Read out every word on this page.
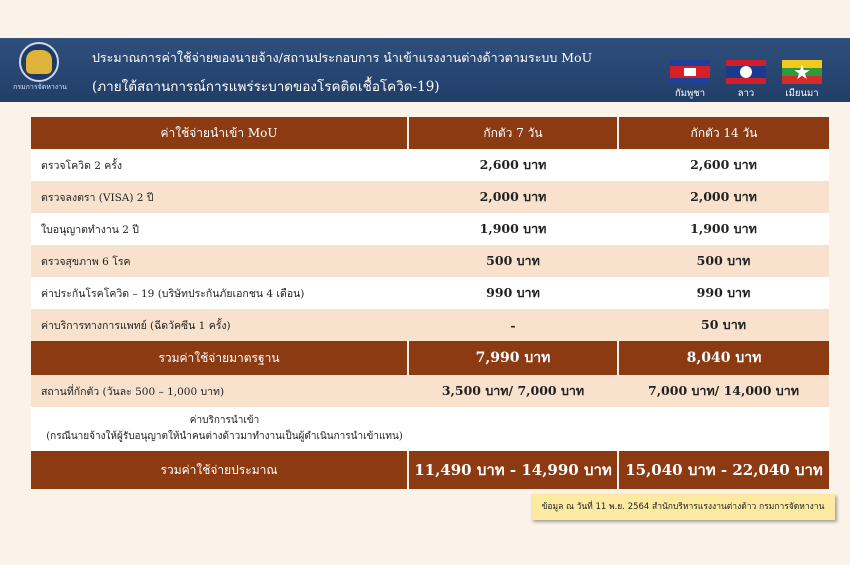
กรมการจัดหางาน
ประมาณการค่าใช้จ่ายของนายจ้าง/สถานประกอบการ นำเข้าแรงงานต่างด้าวตามระบบ MoU
(ภายใต้สถานการณ์การแพร่ระบาดของโรคติดเชื้อโควิด-19)	กัมพูชา	ลาว
★
เมียนมา
ค่าใช้จ่ายนำเข้า MoU	กักตัว 7 วัน	กักตัว 14 วัน
ตรวจโควิด 2 ครั้ง	2,600 บาท	2,600 บาท
ตรวจลงตรา (VISA) 2 ปี	2,000 บาท	2,000 บาท
ใบอนุญาตทำงาน 2 ปี	1,900 บาท	1,900 บาท
ตรวจสุขภาพ 6 โรค	500 บาท	500 บาท
ค่าประกันโรคโควิด – 19 (บริษัทประกันภัยเอกชน 4 เดือน)	990 บาท	990 บาท
ค่าบริการทางการแพทย์ (ฉีดวัคซีน 1 ครั้ง)	-	50 บาท
รวมค่าใช้จ่ายมาตรฐาน	7,990 บาท	8,040 บาท
สถานที่กักตัว (วันละ 500 – 1,000 บาท)	3,500 บาท/ 7,000 บาท	7,000 บาท/ 14,000 บาท

ค่าบริการนำเข้า
(กรณีนายจ้างให้ผู้รับอนุญาตให้นำคนต่างด้าวมาทำงานเป็นผู้ดำเนินการนำเข้าแทน)		

รวมค่าใช้จ่ายประมาณ	11,490 บาท - 14,990 บาท	15,040 บาท - 22,040 บาท
ข้อมูล ณ วันที่ 11 พ.ย. 2564 สำนักบริหารแรงงานต่างด้าว กรมการจัดหางาน
